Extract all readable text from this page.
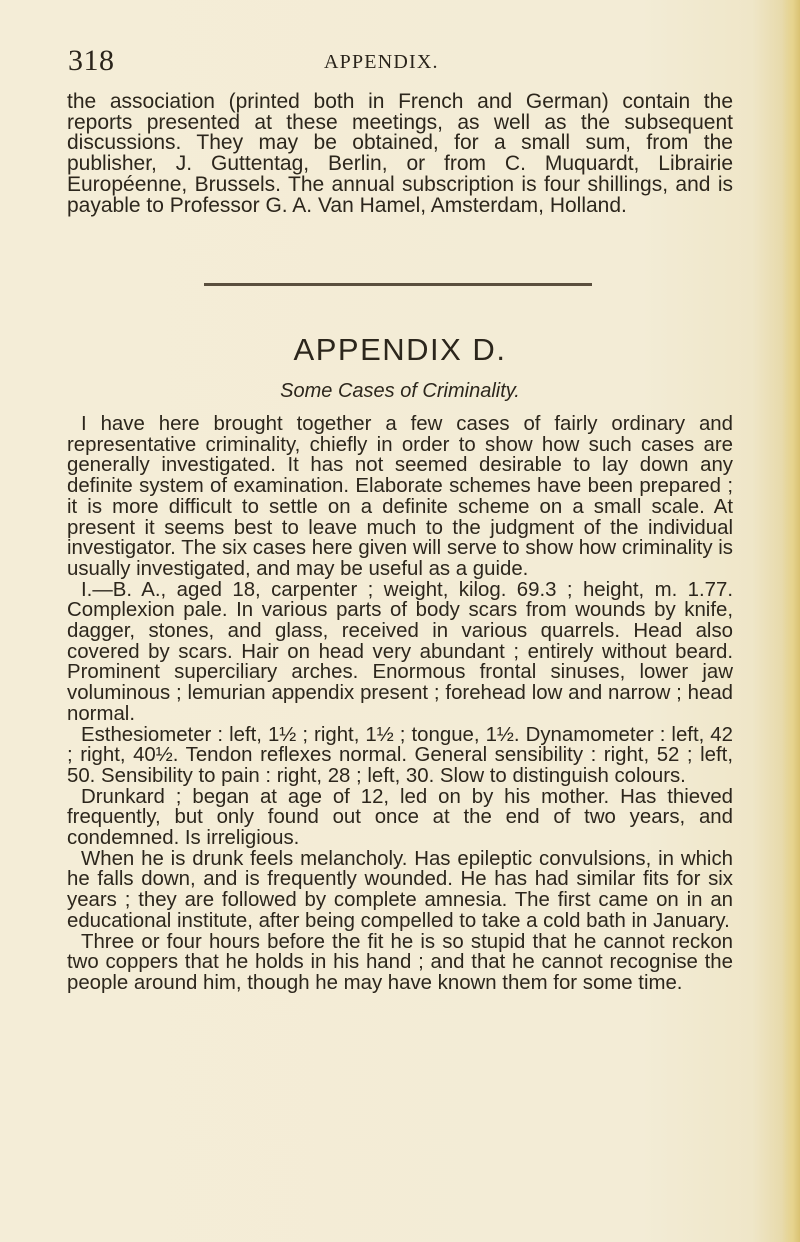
318	APPENDIX.

the association (printed both in French and German) contain the reports presented at these meetings, as well as the subsequent discussions. They may be obtained, for a small sum, from the publisher, J. Guttentag, Berlin, or from C. Muquardt, Librairie Européenne, Brussels. The annual subscription is four shillings, and is payable to Professor G. A. Van Hamel, Amsterdam, Holland.

APPENDIX D.
Some Cases of Criminality.

I have here brought together a few cases of fairly ordinary and representative criminality, chiefly in order to show how such cases are generally investigated. It has not seemed desirable to lay down any definite system of examination. Elaborate schemes have been prepared ; it is more difficult to settle on a definite scheme on a small scale. At present it seems best to leave much to the judgment of the individual investigator. The six cases here given will serve to show how criminality is usually investigated, and may be useful as a guide.

I.—B. A., aged 18, carpenter ; weight, kilog. 69.3 ; height, m. 1.77. Complexion pale. In various parts of body scars from wounds by knife, dagger, stones, and glass, received in various quarrels. Head also covered by scars. Hair on head very abundant ; entirely without beard. Prominent superciliary arches. Enormous frontal sinuses, lower jaw voluminous ; lemurian appendix present ; forehead low and narrow ; head normal.

Esthesiometer : left, 1½ ; right, 1½ ; tongue, 1½. Dynamometer : left, 42 ; right, 40½. Tendon reflexes normal. General sensibility : right, 52 ; left, 50. Sensibility to pain : right, 28 ; left, 30. Slow to distinguish colours.

Drunkard ; began at age of 12, led on by his mother. Has thieved frequently, but only found out once at the end of two years, and condemned. Is irreligious.

When he is drunk feels melancholy. Has epileptic convulsions, in which he falls down, and is frequently wounded. He has had similar fits for six years ; they are followed by complete amnesia. The first came on in an educational institute, after being compelled to take a cold bath in January.

Three or four hours before the fit he is so stupid that he cannot reckon two coppers that he holds in his hand ; and that he cannot recognise the people around him, though he may have known them for some time.
